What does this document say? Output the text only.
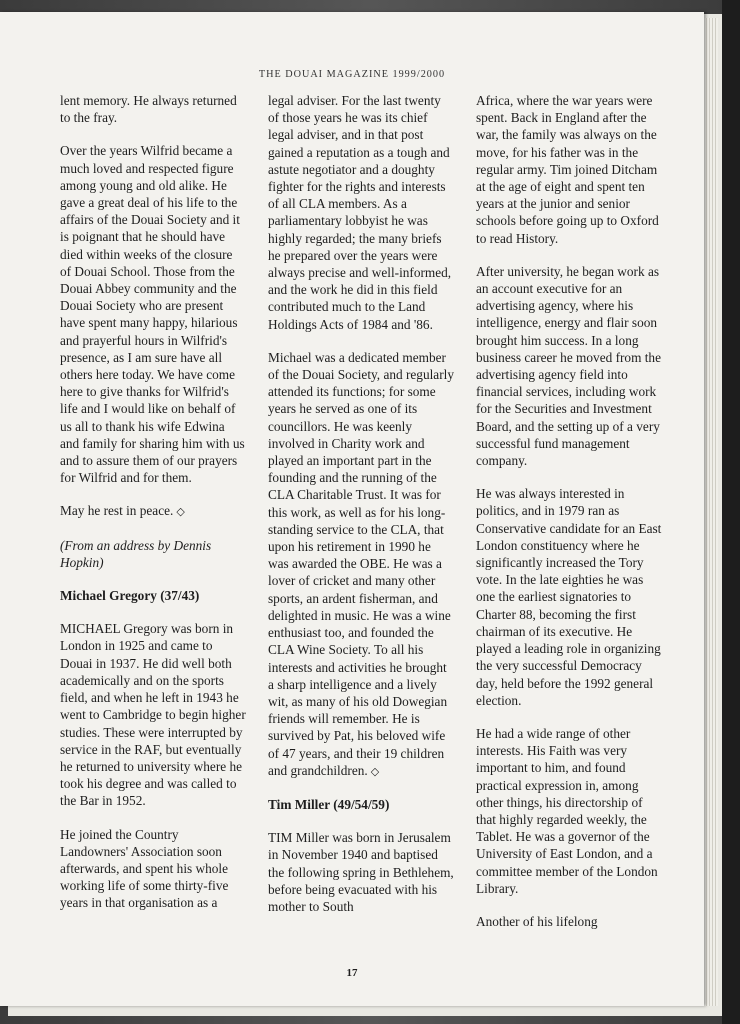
THE DOUAI MAGAZINE 1999/2000

lent memory. He always returned to the fray.

Over the years Wilfrid became a much loved and respected figure among young and old alike. He gave a great deal of his life to the affairs of the Douai Society and it is poignant that he should have died within weeks of the closure of Douai School. Those from the Douai Abbey community and the Douai Society who are present have spent many happy, hilarious and prayerful hours in Wilfrid's presence, as I am sure have all others here today. We have come here to give thanks for Wilfrid's life and I would like on behalf of us all to thank his wife Edwina and family for sharing him with us and to assure them of our prayers for Wilfrid and for them.

May he rest in peace. ◇

(From an address by Dennis Hopkin)

Michael Gregory (37/43)

MICHAEL Gregory was born in London in 1925 and came to Douai in 1937. He did well both academically and on the sports field, and when he left in 1943 he went to Cambridge to begin higher studies. These were interrupted by service in the RAF, but eventually he returned to university where he took his degree and was called to the Bar in 1952.

He joined the Country Landowners' Association soon afterwards, and spent his whole working life of some thirty-five years in that organisation as a

legal adviser. For the last twenty of those years he was its chief legal adviser, and in that post gained a reputation as a tough and astute negotiator and a doughty fighter for the rights and interests of all CLA members. As a parliamentary lobbyist he was highly regarded; the many briefs he prepared over the years were always precise and well-informed, and the work he did in this field contributed much to the Land Holdings Acts of 1984 and '86.

Michael was a dedicated member of the Douai Society, and regularly attended its functions; for some years he served as one of its councillors. He was keenly involved in Charity work and played an important part in the founding and the running of the CLA Charitable Trust. It was for this work, as well as for his long-standing service to the CLA, that upon his retirement in 1990 he was awarded the OBE. He was a lover of cricket and many other sports, an ardent fisherman, and delighted in music. He was a wine enthusiast too, and founded the CLA Wine Society. To all his interests and activities he brought a sharp intelligence and a lively wit, as many of his old Dowegian friends will remember. He is survived by Pat, his beloved wife of 47 years, and their 19 children and grandchildren. ◇

Tim Miller (49/54/59)

TIM Miller was born in Jerusalem in November 1940 and baptised the following spring in Bethlehem, before being evacuated with his mother to South

Africa, where the war years were spent. Back in England after the war, the family was always on the move, for his father was in the regular army. Tim joined Ditcham at the age of eight and spent ten years at the junior and senior schools before going up to Oxford to read History.

After university, he began work as an account executive for an advertising agency, where his intelligence, energy and flair soon brought him success. In a long business career he moved from the advertising agency field into financial services, including work for the Securities and Investment Board, and the setting up of a very successful fund management company.

He was always interested in politics, and in 1979 ran as Conservative candidate for an East London constituency where he significantly increased the Tory vote. In the late eighties he was one the earliest signatories to Charter 88, becoming the first chairman of its executive. He played a leading role in organizing the very successful Democracy day, held before the 1992 general election.

He had a wide range of other interests. His Faith was very important to him, and found practical expression in, among other things, his directorship of that highly regarded weekly, the Tablet. He was a governor of the University of East London, and a committee member of the London Library.

Another of his lifelong

17
